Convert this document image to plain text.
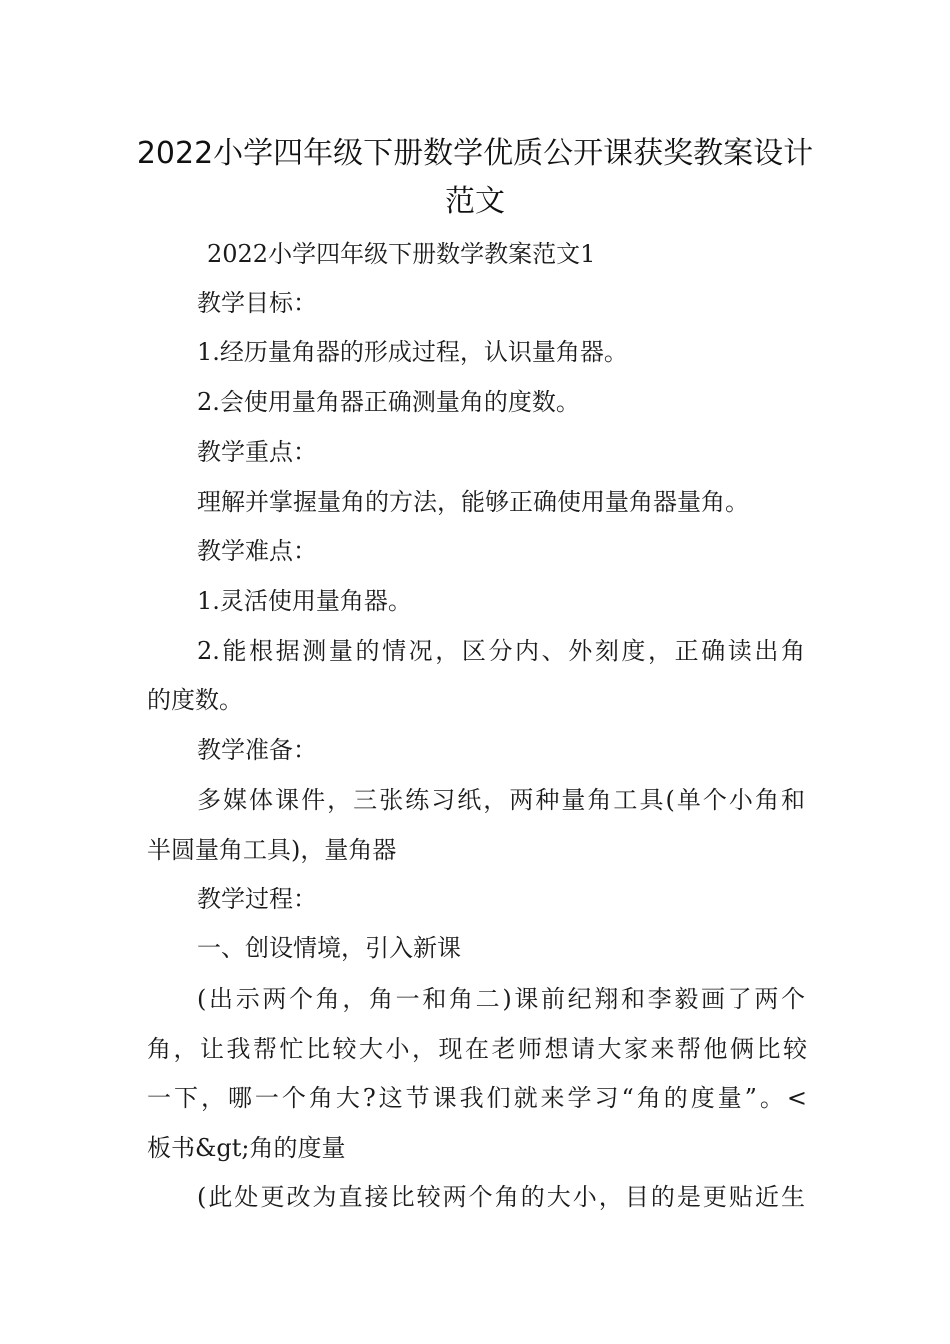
2022小学四年级下册数学优质公开课获奖教案设计
范文
2022小学四年级下册数学教案范文1
教学目标：
1.经历量角器的形成过程，认识量角器。
2.会使用量角器正确测量角的度数。
教学重点：
理解并掌握量角的方法，能够正确使用量角器量角。
教学难点：
1.灵活使用量角器。
2.能根据测量的情况，区分内、外刻度，正确读出角
的度数。
教学准备：
多媒体课件，三张练习纸，两种量角工具(单个小角和
半圆量角工具)，量角器
教学过程：
一、创设情境，引入新课
(出示两个角，角一和角二)课前纪翔和李毅画了两个
角，让我帮忙比较大小，现在老师想请大家来帮他俩比较
一下，哪一个角大?这节课我们就来学习“角的度量”。<
板书&gt;角的度量
(此处更改为直接比较两个角的大小，目的是更贴近生
